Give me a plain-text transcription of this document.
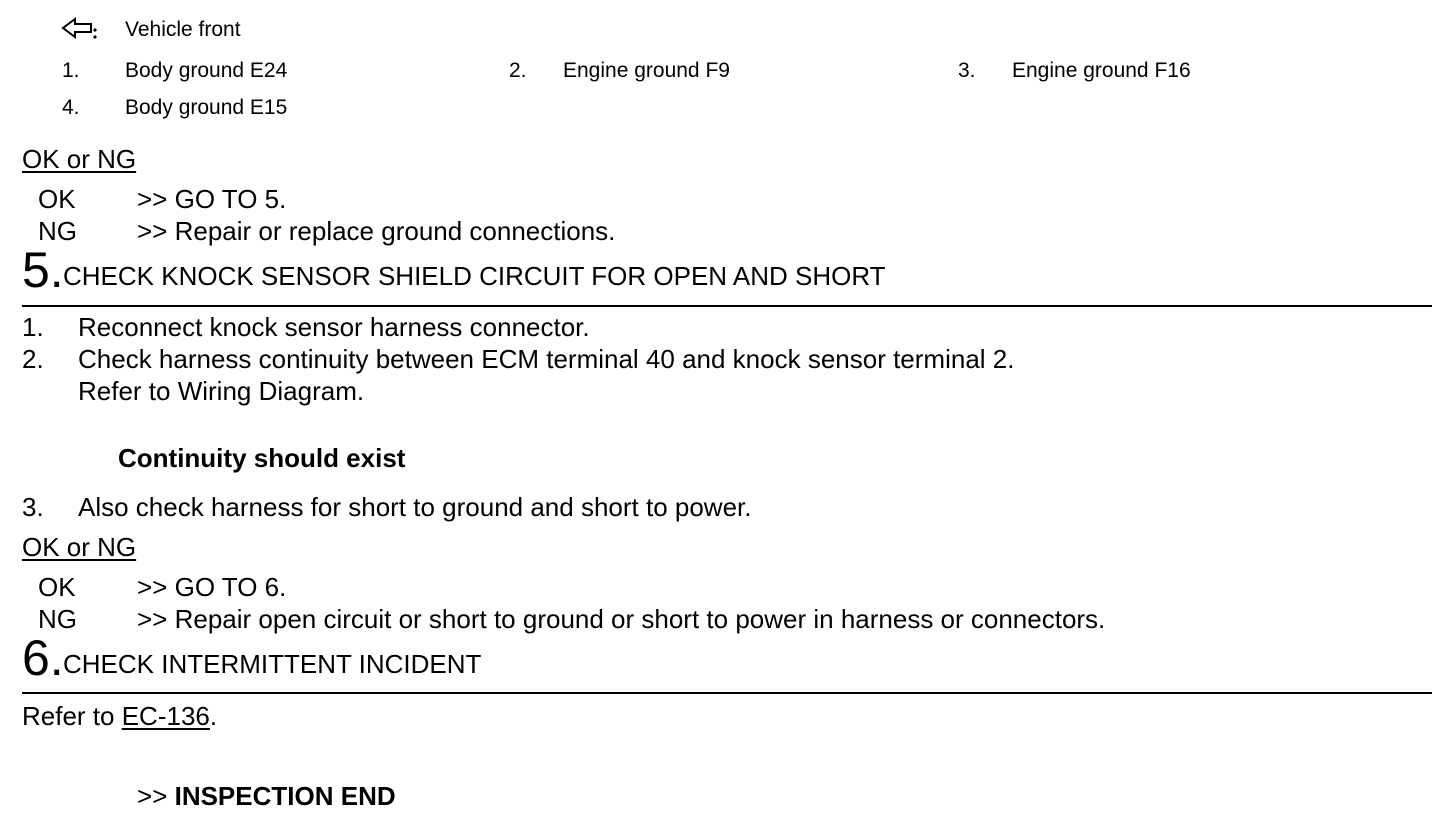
Vehicle front
1. Body ground E24	2. Engine ground F9	3. Engine ground F16
4. Body ground E15
OK or NG
OK >> GO TO 5.
NG >> Repair or replace ground connections.
5. CHECK KNOCK SENSOR SHIELD CIRCUIT FOR OPEN AND SHORT
1. Reconnect knock sensor harness connector.
2. Check harness continuity between ECM terminal 40 and knock sensor terminal 2.
Refer to Wiring Diagram.
Continuity should exist
3. Also check harness for short to ground and short to power.
OK or NG
OK >> GO TO 6.
NG >> Repair open circuit or short to ground or short to power in harness or connectors.
6. CHECK INTERMITTENT INCIDENT
Refer to EC-136.
>> INSPECTION END
